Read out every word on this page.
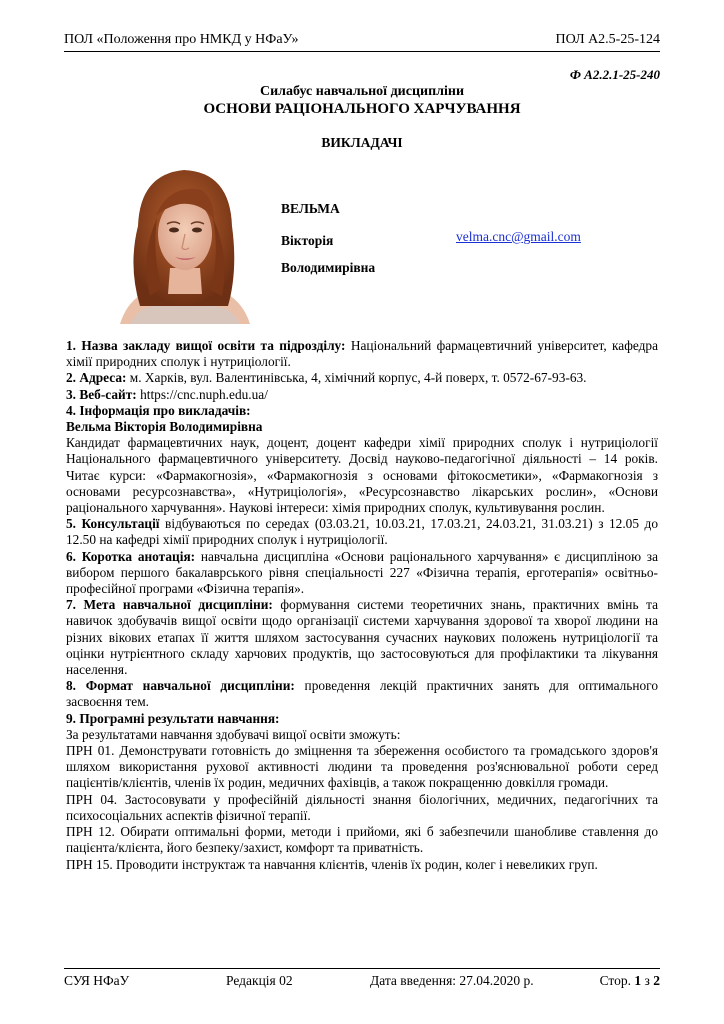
ПОЛ «Положення про НМКД у НФаУ»	ПОЛ А2.5-25-124
Ф А2.2.1-25-240
Силабус навчальної дисципліни
ОСНОВИ РАЦІОНАЛЬНОГО ХАРЧУВАННЯ
ВИКЛАДАЧІ
ВЕЛЬМА
Вікторія
Володимирівна
velma.cnc@gmail.com

1. Назва закладу вищої освіти та підрозділу: Національний фармацевтичний університет, кафедра хімії природних сполук і нутриціології.

2. Адреса: м. Харків, вул. Валентинівська, 4, хімічний корпус, 4-й поверх, т. 0572-67-93-63.

3. Веб-сайт: https://cnc.nuph.edu.ua/

4. Інформація про викладачів:

Вельма Вікторія Володимирівна

Кандидат фармацевтичних наук, доцент, доцент кафедри хімії природних сполук і нутриціології Національного фармацевтичного університету. Досвід науково-педагогічної діяльності – 14 років. Читає курси: «Фармакогнозія», «Фармакогнозія з основами фітокосметики», «Фармакогнозія з основами ресурсознавства», «Нутриціологія», «Ресурсознавство лікарських рослин», «Основи раціонального харчування». Наукові інтереси: хімія природних сполук, культивування рослин.

5. Консультації відбуваються по середах (03.03.21, 10.03.21, 17.03.21, 24.03.21, 31.03.21) з 12.05 до 12.50 на кафедрі хімії природних сполук і нутриціології.

6. Коротка анотація: навчальна дисципліна «Основи раціонального харчування» є дисципліною за вибором першого бакалаврського рівня спеціальності 227 «Фізична терапія, ерготерапія» освітньо-професійної програми «Фізична терапія».

7. Мета навчальної дисципліни: формування системи теоретичних знань, практичних вмінь та навичок здобувачів вищої освіти щодо організації системи харчування здорової та хворої людини на різних вікових етапах її життя шляхом застосування сучасних наукових положень нутриціології та оцінки нутрієнтного складу харчових продуктів, що застосовуються для профілактики та лікування населення.

8. Формат навчальної дисципліни: проведення лекцій практичних занять для оптимального засвоєння тем.

9. Програмні результати навчання:

За результатами навчання здобувачі вищої освіти зможуть:

ПРН 01. Демонструвати готовність до зміцнення та збереження особистого та громадського здоров'я шляхом використання рухової активності людини та проведення роз'яснювальної роботи серед пацієнтів/клієнтів, членів їх родин, медичних фахівців, а також покращенню довкілля громади.

ПРН 04. Застосовувати у професійній діяльності знання біологічних, медичних, педагогічних та психосоціальних аспектів фізичної терапії.

ПРН 12. Обирати оптимальні форми, методи і прийоми, які б забезпечили шанобливе ставлення до пацієнта/клієнта, його безпеку/захист, комфорт та приватність.

ПРН 15. Проводити інструктаж та навчання клієнтів, членів їх родин, колег і невеликих груп.

СУЯ НФаУ	Редакція 02	Дата введення: 27.04.2020 р.	Стор. 1 з 2
